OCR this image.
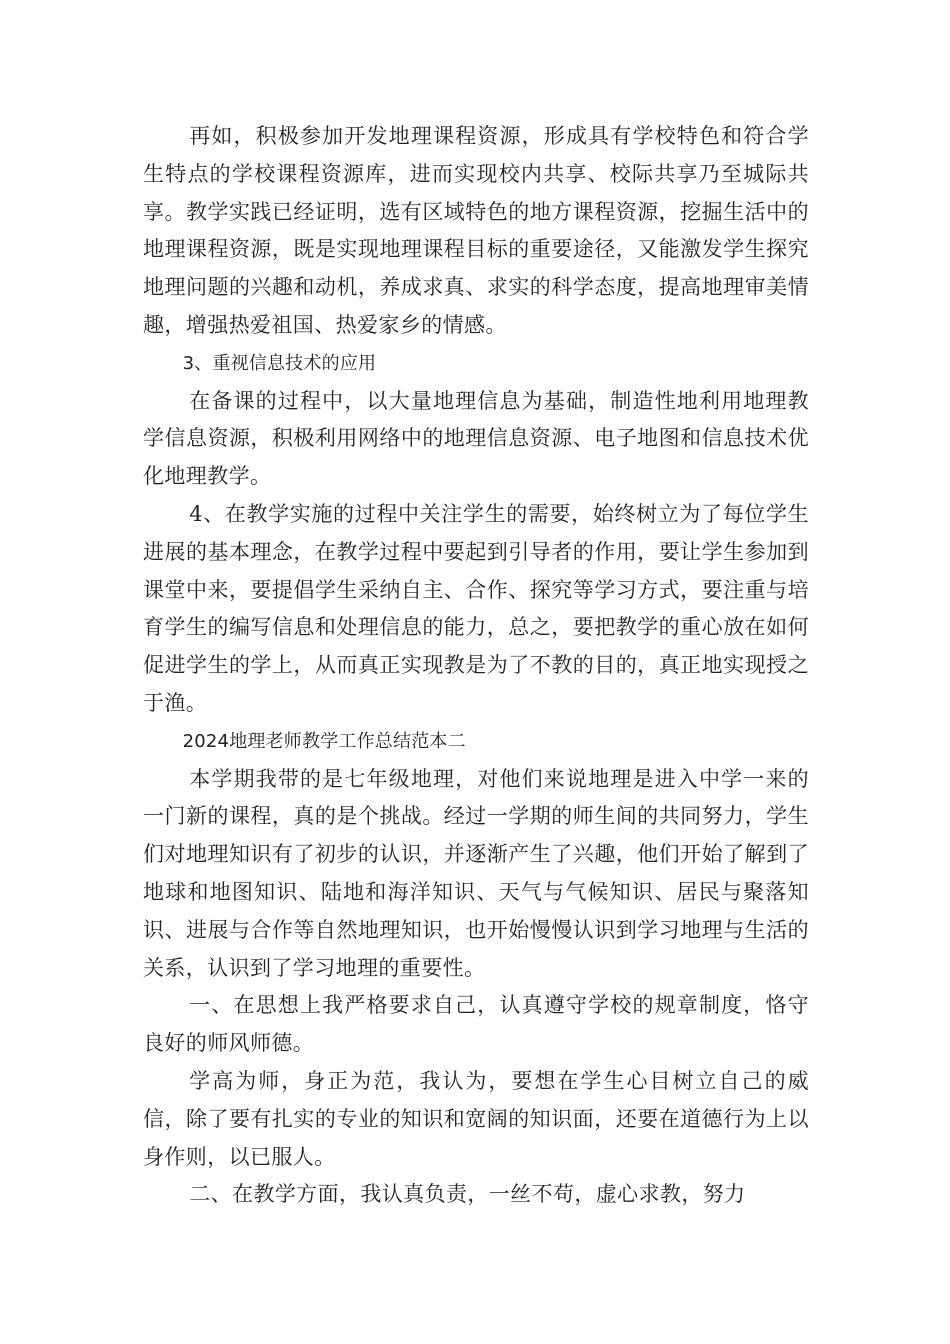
再如，积极参加开发地理课程资源，形成具有学校特色和符合学生特点的学校课程资源库，进而实现校内共享、校际共享乃至城际共享。教学实践已经证明，选有区域特色的地方课程资源，挖掘生活中的地理课程资源，既是实现地理课程目标的重要途径，又能激发学生探究地理问题的兴趣和动机，养成求真、求实的科学态度，提高地理审美情趣，增强热爱祖国、热爱家乡的情感。

3、重视信息技术的应用

在备课的过程中，以大量地理信息为基础，制造性地利用地理教学信息资源，积极利用网络中的地理信息资源、电子地图和信息技术优化地理教学。

4、在教学实施的过程中关注学生的需要，始终树立为了每位学生进展的基本理念，在教学过程中要起到引导者的作用，要让学生参加到课堂中来，要提倡学生采纳自主、合作、探究等学习方式，要注重与培育学生的编写信息和处理信息的能力，总之，要把教学的重心放在如何促进学生的学上，从而真正实现教是为了不教的目的，真正地实现授之于渔。

2024地理老师教学工作总结范本二

本学期我带的是七年级地理，对他们来说地理是进入中学一来的一门新的课程，真的是个挑战。经过一学期的师生间的共同努力，学生们对地理知识有了初步的认识，并逐渐产生了兴趣，他们开始了解到了地球和地图知识、陆地和海洋知识、天气与气候知识、居民与聚落知识、进展与合作等自然地理知识，也开始慢慢认识到学习地理与生活的关系，认识到了学习地理的重要性。

一、在思想上我严格要求自己，认真遵守学校的规章制度，恪守良好的师风师德。

学高为师，身正为范，我认为，要想在学生心目树立自己的威信，除了要有扎实的专业的知识和宽阔的知识面，还要在道德行为上以身作则，以已服人。

二、在教学方面，我认真负责，一丝不苟，虚心求教，努力
